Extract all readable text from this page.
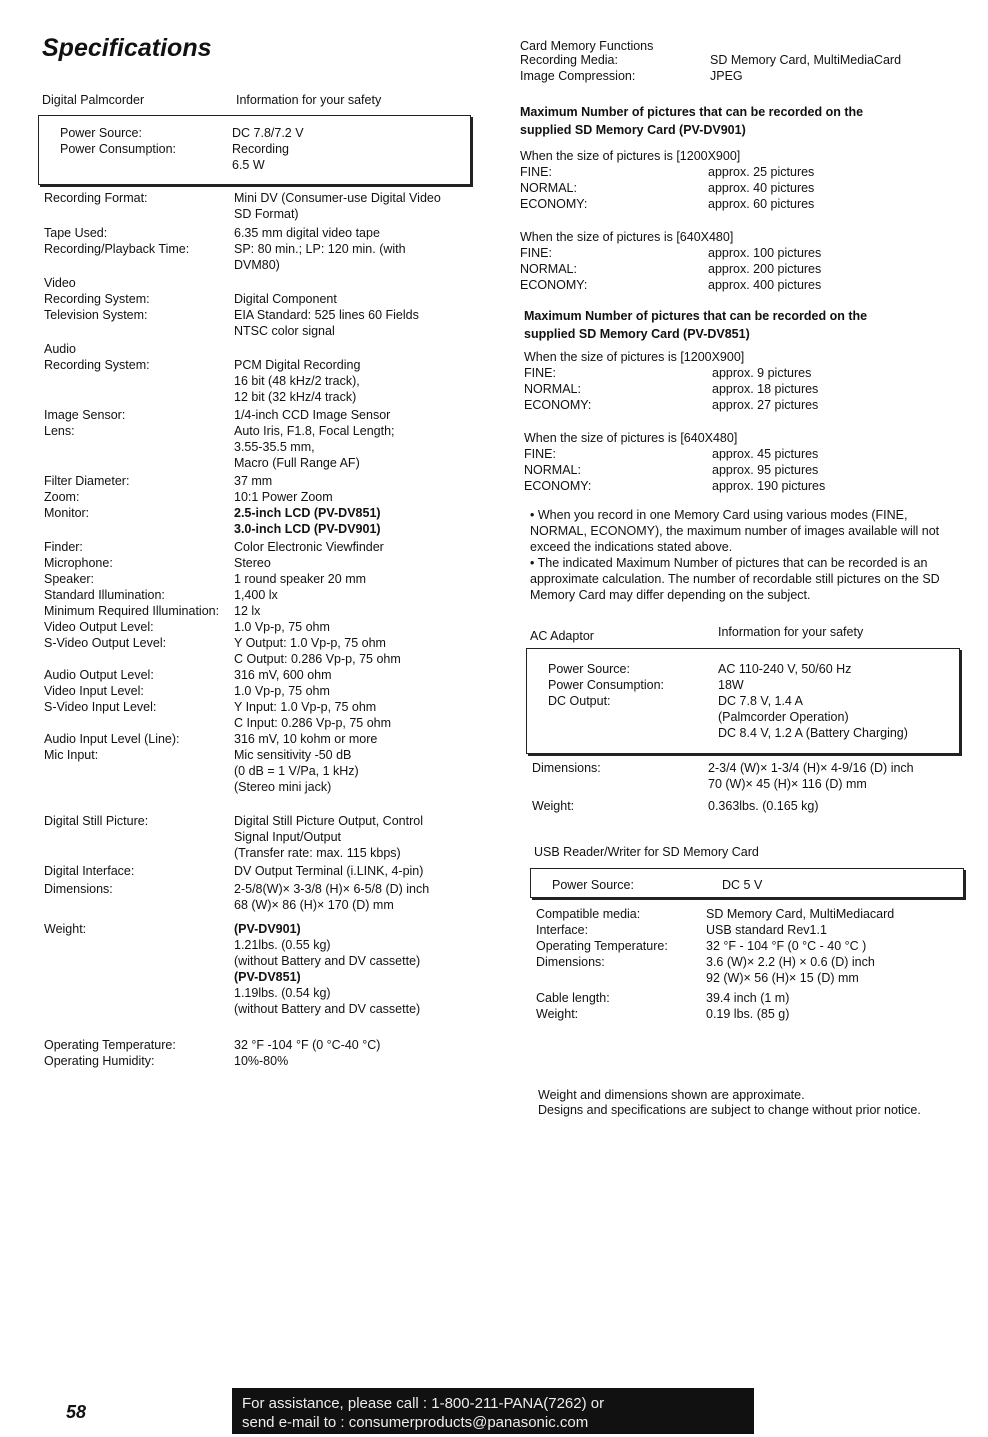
Specifications
Digital Palmcorder	Information for your safety
Power Source:	DC 7.8/7.2 V
Power Consumption:	Recording
6.5 W
Recording Format:	Mini DV (Consumer-use Digital Video
SD Format)
Tape Used:	6.35 mm digital video tape
Recording/Playback Time:	SP: 80 min.; LP: 120 min. (with
DVM80)
Video
Recording System:	Digital Component
Television System:	EIA Standard: 525 lines 60 Fields
NTSC color signal
Audio
Recording System:	PCM Digital Recording
16 bit (48 kHz/2 track),
12 bit (32 kHz/4 track)
Image Sensor:	1/4-inch CCD Image Sensor
Lens:	Auto Iris, F1.8, Focal Length;
3.55-35.5 mm,
Macro (Full Range AF)
Filter Diameter:	37 mm
Zoom:	10:1 Power Zoom
Monitor:	2.5-inch LCD (PV-DV851)
3.0-inch LCD (PV-DV901)
Finder:	Color Electronic Viewfinder
Microphone:	Stereo
Speaker:	1 round speaker 20 mm
Standard Illumination:	1,400 lx
Minimum Required Illumination: 12 lx
Video Output Level:	1.0 Vp-p, 75 ohm
S-Video Output Level:	Y Output: 1.0 Vp-p, 75 ohm
C Output: 0.286 Vp-p, 75 ohm
Audio Output Level:	316 mV, 600 ohm
Video Input Level:	1.0 Vp-p, 75 ohm
S-Video Input Level:	Y Input: 1.0 Vp-p, 75 ohm
C Input: 0.286 Vp-p, 75 ohm
Audio Input Level (Line):	316 mV, 10 kohm or more
Mic Input:	Mic sensitivity -50 dB
(0 dB = 1 V/Pa, 1 kHz)
(Stereo mini jack)
Digital Still Picture:	Digital Still Picture Output, Control
Signal Input/Output
(Transfer rate: max. 115 kbps)
Digital Interface:	DV Output Terminal (i.LINK, 4-pin)
Dimensions:	2-5/8(W)× 3-3/8 (H)× 6-5/8 (D) inch
68 (W)× 86 (H)× 170 (D) mm
Weight:	(PV-DV901)
1.21lbs. (0.55 kg)
(without Battery and DV cassette)
(PV-DV851)
1.19lbs. (0.54 kg)
(without Battery and DV cassette)
Operating Temperature:	32 °F -104 °F (0 °C-40 °C)
Operating Humidity:	10%-80%
Card Memory Functions
Recording Media:	SD Memory Card, MultiMediaCard
Image Compression:	JPEG
Maximum Number of pictures that can be recorded on the
supplied SD Memory Card (PV-DV901)
When the size of pictures is [1200X900]
FINE:	approx. 25 pictures
NORMAL:	approx. 40 pictures
ECONOMY:	approx. 60 pictures
When the size of pictures is [640X480]
FINE:	approx. 100 pictures
NORMAL:	approx. 200 pictures
ECONOMY:	approx. 400 pictures
Maximum Number of pictures that can be recorded on the
supplied SD Memory Card (PV-DV851)
When the size of pictures is [1200X900]
FINE:	approx. 9 pictures
NORMAL:	approx. 18 pictures
ECONOMY:	approx. 27 pictures
When the size of pictures is [640X480]
FINE:	approx. 45 pictures
NORMAL:	approx. 95 pictures
ECONOMY:	approx. 190 pictures
• When you record in one Memory Card using various modes (FINE, NORMAL, ECONOMY), the maximum number of images available will not exceed the indications stated above.
• The indicated Maximum Number of pictures that can be recorded is an approximate calculation. The number of recordable still pictures on the SD Memory Card may differ depending on the subject.
AC Adaptor	Information for your safety
Power Source:	AC 110-240 V, 50/60 Hz
Power Consumption:	18W
DC Output:	DC 7.8 V, 1.4 A
(Palmcorder Operation)
DC 8.4 V, 1.2 A (Battery Charging)
Dimensions:	2-3/4 (W)× 1-3/4 (H)× 4-9/16 (D) inch
70 (W)× 45 (H)× 116 (D) mm
Weight:	0.363lbs. (0.165 kg)
USB Reader/Writer for SD Memory Card
Power Source:	DC 5 V
Compatible media:	SD Memory Card, MultiMediacard
Interface:	USB standard Rev1.1
Operating Temperature:	32 °F - 104 °F (0 °C - 40 °C )
Dimensions:	3.6 (W)× 2.2 (H) × 0.6 (D) inch
92 (W)× 56 (H)× 15 (D) mm
Cable length:	39.4 inch (1 m)
Weight:	0.19 lbs. (85 g)
Weight and dimensions shown are approximate.
Designs and specifications are subject to change without prior notice.
58	For assistance, please call : 1-800-211-PANA(7262) or
send e-mail to : consumerproducts@panasonic.com
